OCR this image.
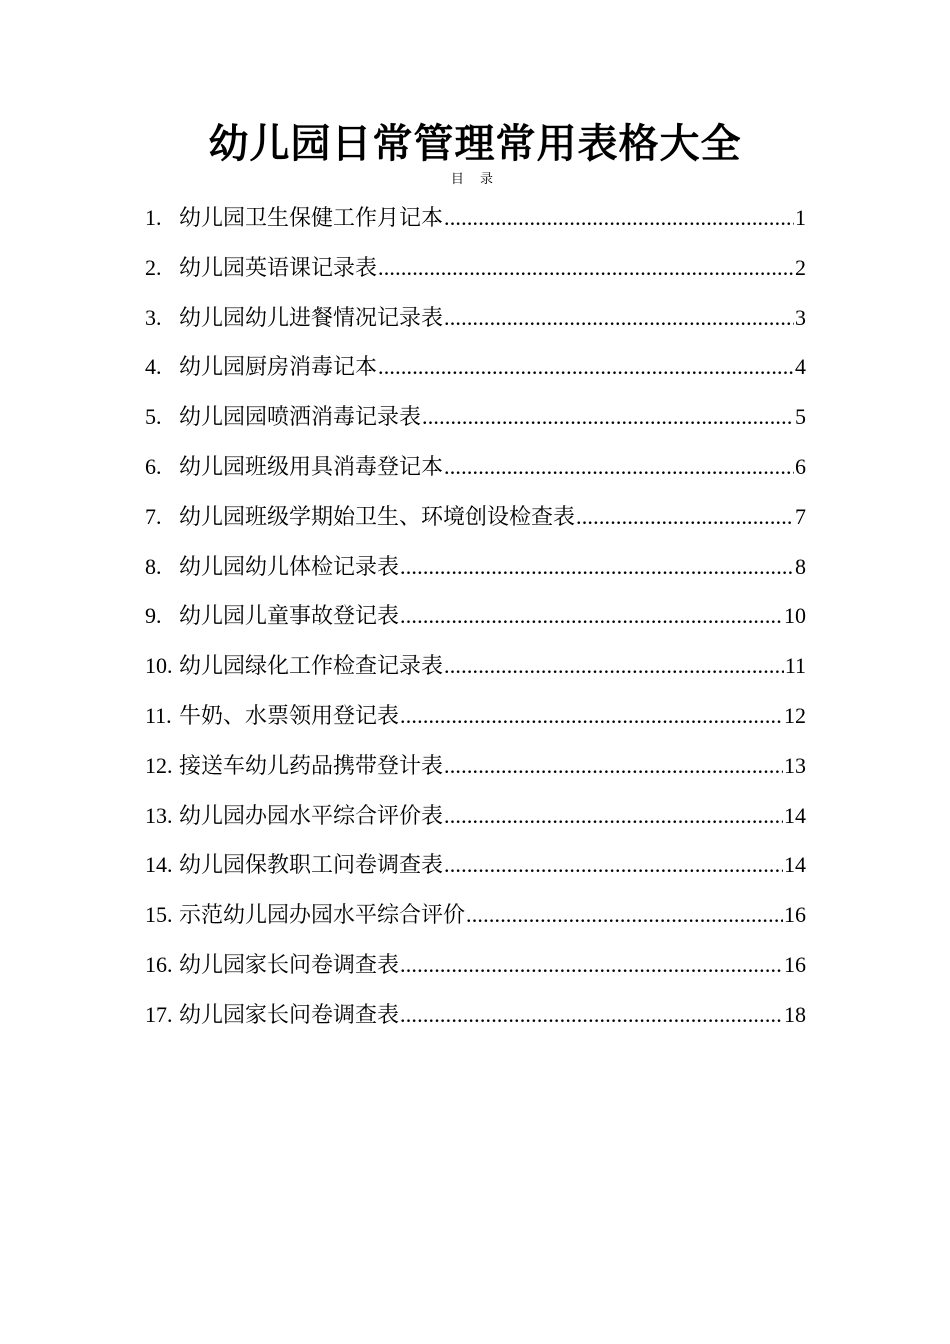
幼儿园日常管理常用表格大全
目 录
1. 幼儿园卫生保健工作月记本 .....	1
2. 幼儿园英语课记录表 .....	2
3. 幼儿园幼儿进餐情况记录表 .....	3
4. 幼儿园厨房消毒记本 .....	4
5. 幼儿园园喷洒消毒记录表 .....	5
6. 幼儿园班级用具消毒登记本 .....	6
7. 幼儿园班级学期始卫生、环境创设检查表 .....	7
8. 幼儿园幼儿体检记录表 .....	8
9. 幼儿园儿童事故登记表 .....	10
10. 幼儿园绿化工作检查记录表 .....	11
11. 牛奶、水票领用登记表 .....	12
12. 接送车幼儿药品携带登计表 .....	13
13. 幼儿园办园水平综合评价表 .....	14
14. 幼儿园保教职工问卷调查表 .....	14
15. 示范幼儿园办园水平综合评价 .....	16
16. 幼儿园家长问卷调查表 .....	16
17. 幼儿园家长问卷调查表 .....	18
